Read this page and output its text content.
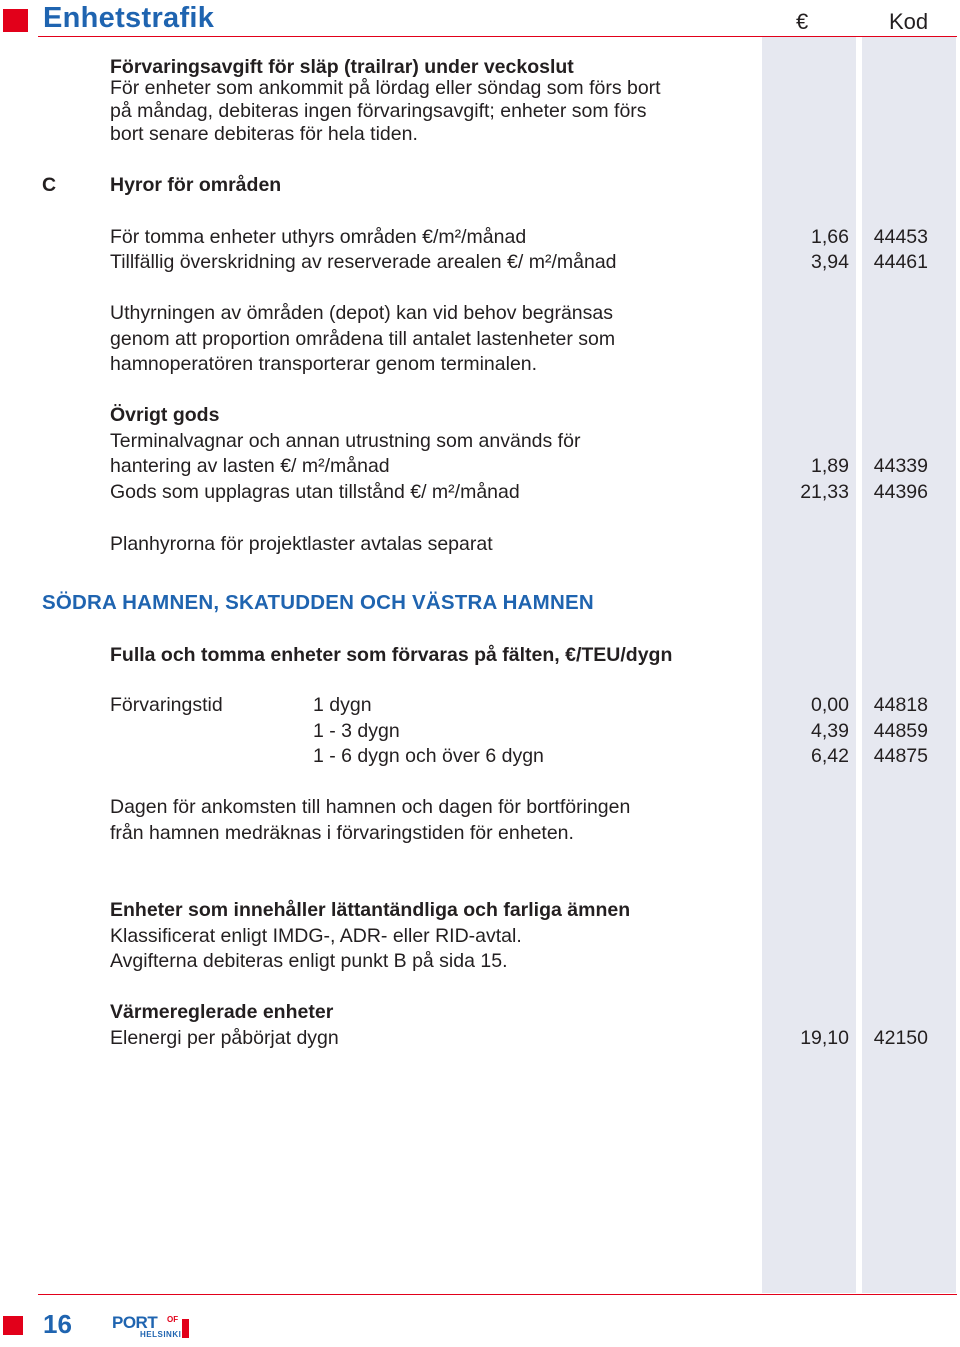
Enhetstrafik	€	Kod
Förvaringsavgift för släp (trailrar) under veckoslut
För enheter som ankommit på lördag eller söndag som förs bort
på måndag, debiteras ingen förvaringsavgift; enheter som förs
bort senare debiteras för hela tiden.
C	Hyror för områden
För tomma enheter uthyrs områden €/m²/månad	1,66	44453
Tillfällig överskridning av reserverade arealen €/ m²/månad	3,94	44461
Uthyrningen av ömråden (depot) kan vid behov begränsas
genom att proportion områdena till antalet lastenheter som
hamnoperatören transporterar genom terminalen.
Övrigt gods
Terminalvagnar och annan utrustning som används för
hantering av lasten €/ m²/månad	1,89	44339
Gods som upplagras utan tillstånd €/ m²/månad	21,33	44396
Planhyrorna för projektlaster avtalas separat
SÖDRA HAMNEN, SKATUDDEN OCH VÄSTRA HAMNEN
Fulla och tomma enheter som förvaras på fälten, €/TEU/dygn
Förvaringstid	1 dygn	0,00	44818
1 - 3 dygn	4,39	44859
1 - 6 dygn och över 6 dygn	6,42	44875
Dagen för ankomsten till hamnen och dagen för bortföringen
från hamnen medräknas i förvaringstiden för enheten.
Enheter som innehåller lättantändliga och farliga ämnen
Klassificerat enligt IMDG-, ADR- eller RID-avtal.
Avgifterna debiteras enligt punkt B på sida 15.
Värmereglerade enheter
Elenergi per påbörjat dygn	19,10	42150
16 PORT OF
HELSINKI
